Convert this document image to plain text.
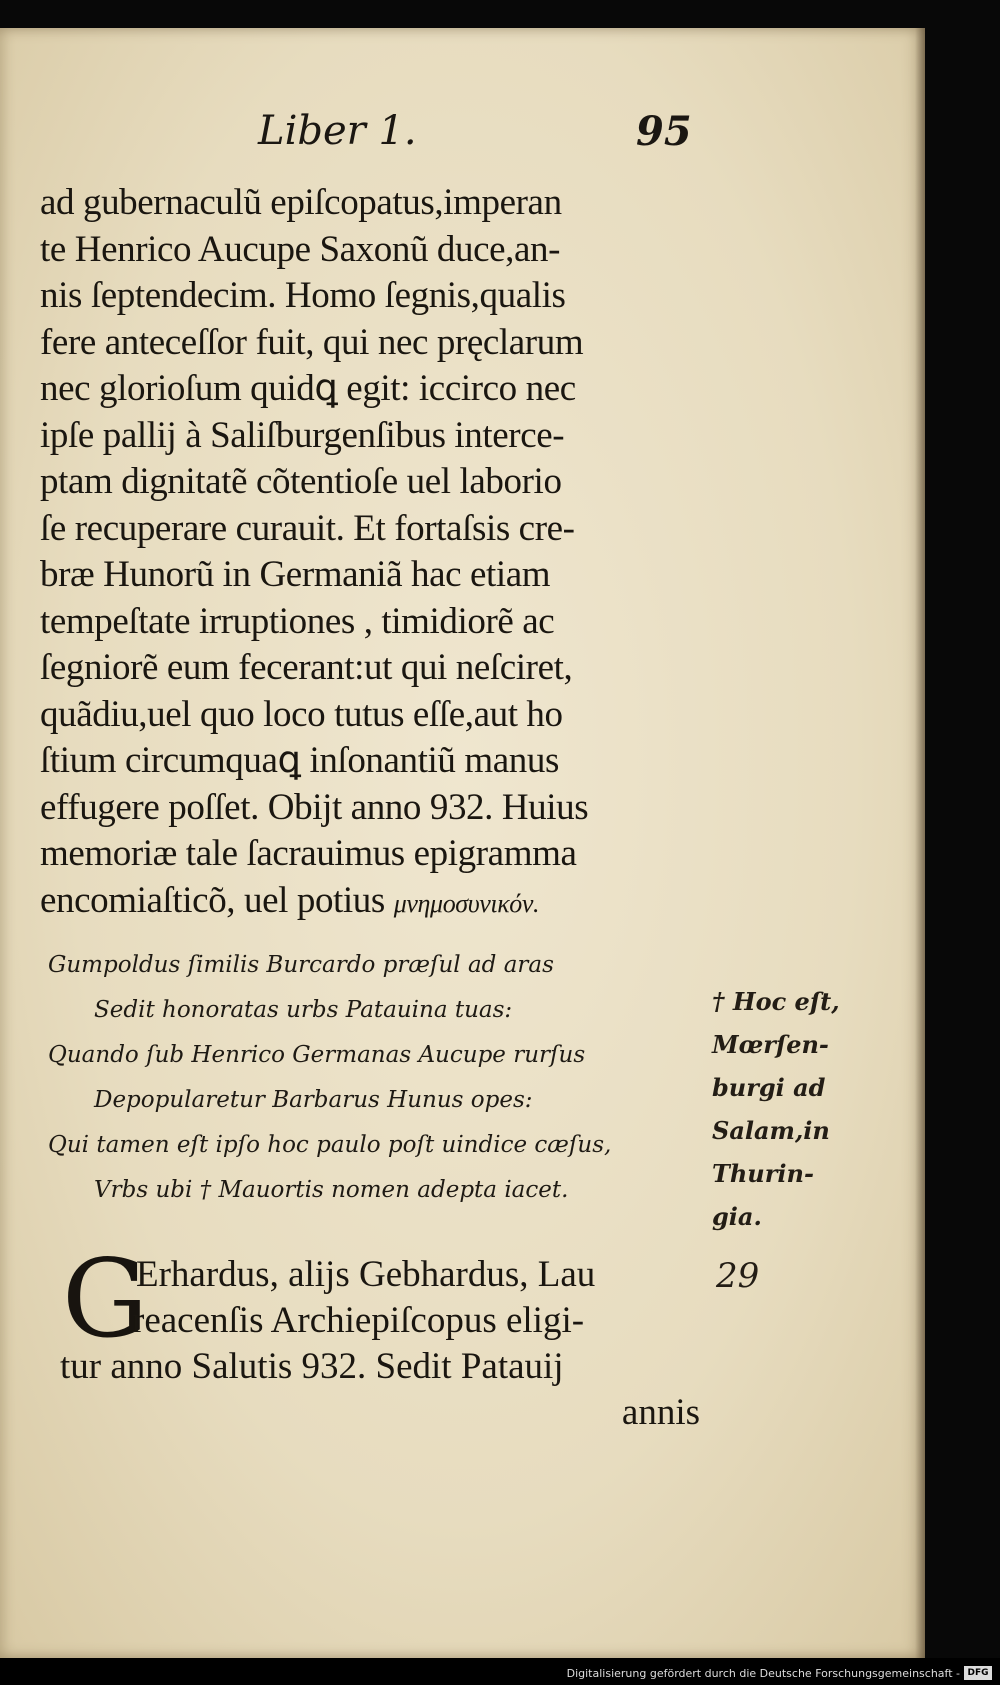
Liber 1.	95
ad gubernaculũ epiſcopatus,imperan
te Henrico Aucupe Saxonũ duce,an-
nis ſeptendecim. Homo ſegnis,qualis
fere anteceſſor fuit, qui nec pręclarum
nec glorioſum quidꝗ egit: iccirco nec
ipſe pallij à Saliſburgenſibus interce-
ptam dignitatẽ cõtentioſe uel laborio
ſe recuperare curauit. Et fortaſsis cre-
bræ Hunorũ in Germaniã hac etiam
tempeſtate irruptiones , timidiorẽ ac
ſegniorẽ eum fecerant:ut qui neſciret,
quãdiu,uel quo loco tutus eſſe,aut ho
ſtium circumquaꝗ inſonantiũ manus
effugere poſſet. Obijt anno 932. Huius
memoriæ tale ſacrauimus epigramma
encomiaſticõ, uel potius μνημοσυνικόν.
Gumpoldus ſimilis Burcardo præſul ad aras
Sedit honoratas urbs Patauina tuas:
Quando ſub Henrico Germanas Aucupe rurſus
Depopularetur Barbarus Hunus opes:
Qui tamen eſt ipſo hoc paulo poſt uindice cæſus,
Vrbs ubi † Mauortis nomen adepta iacet.
† Hoc eſt,
Mœrſen-
burgi ad
Salam,in
Thurin-
gia.
29
G
Erhardus, alijs Gebhardus, Lau
reacenſis Archiepiſcopus eligi-
tur anno Salutis 932. Sedit Patauij
annis
Digitalisierung gefördert durch die Deutsche Forschungsgemeinschaft - DFG
